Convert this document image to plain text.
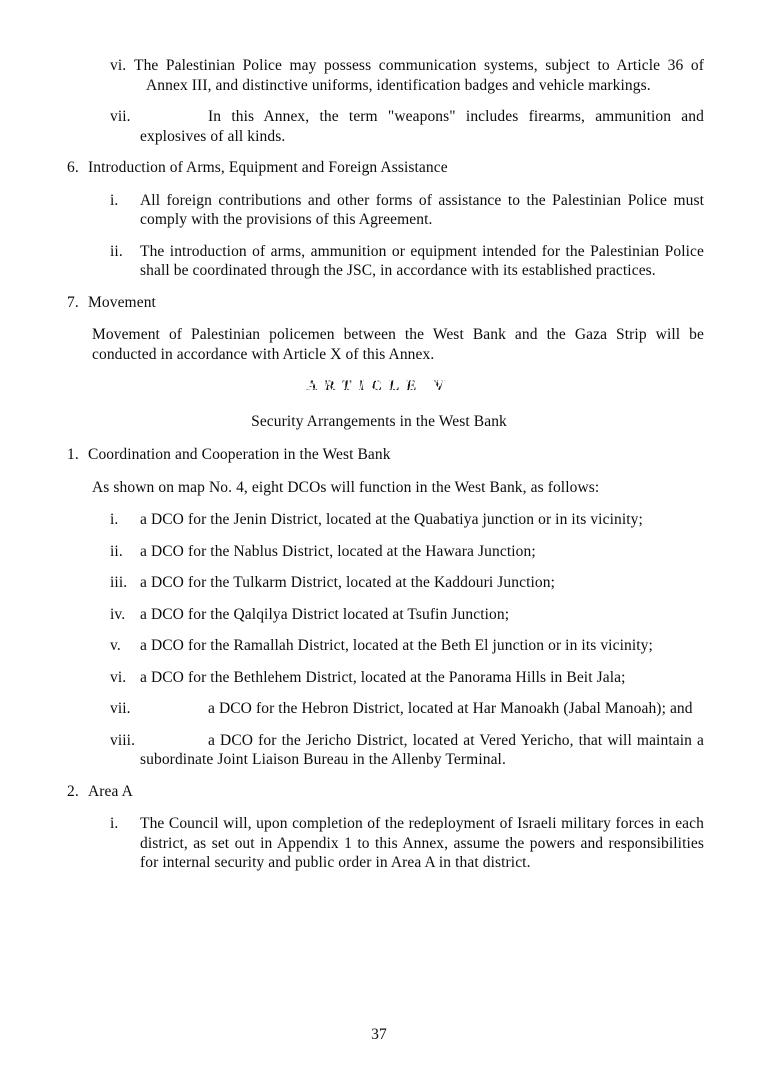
vi. The Palestinian Police may possess communication systems, subject to Article 36 of Annex III, and distinctive uniforms, identification badges and vehicle markings.
vii.	In this Annex, the term "weapons" includes firearms, ammunition and explosives of all kinds.
6. Introduction of Arms, Equipment and Foreign Assistance
i.	All foreign contributions and other forms of assistance to the Palestinian Police must comply with the provisions of this Agreement.
ii.	The introduction of arms, ammunition or equipment intended for the Palestinian Police shall be coordinated through the JSC, in accordance with its established practices.
7. Movement
Movement of Palestinian policemen between the West Bank and the Gaza Strip will be conducted in accordance with Article X of this Annex.
ARTICLE V
Security Arrangements in the West Bank
1. Coordination and Cooperation in the West Bank
As shown on map No. 4, eight DCOs will function in the West Bank, as follows:
i.	a DCO for the Jenin District, located at the Quabatiya junction or in its vicinity;
ii.	a DCO for the Nablus District, located at the Hawara Junction;
iii. a DCO for the Tulkarm District, located at the Kaddouri Junction;
iv. a DCO for the Qalqilya District located at Tsufin Junction;
v.	a DCO for the Ramallah District, located at the Beth El junction or in its vicinity;
vi. a DCO for the Bethlehem District, located at the Panorama Hills in Beit Jala;
vii.	a DCO for the Hebron District, located at Har Manoakh (Jabal Manoah); and
viii.	a DCO for the Jericho District, located at Vered Yericho, that will maintain a subordinate Joint Liaison Bureau in the Allenby Terminal.
2. Area A
i.	The Council will, upon completion of the redeployment of Israeli military forces in each district, as set out in Appendix 1 to this Annex, assume the powers and responsibilities for internal security and public order in Area A in that district.
37
